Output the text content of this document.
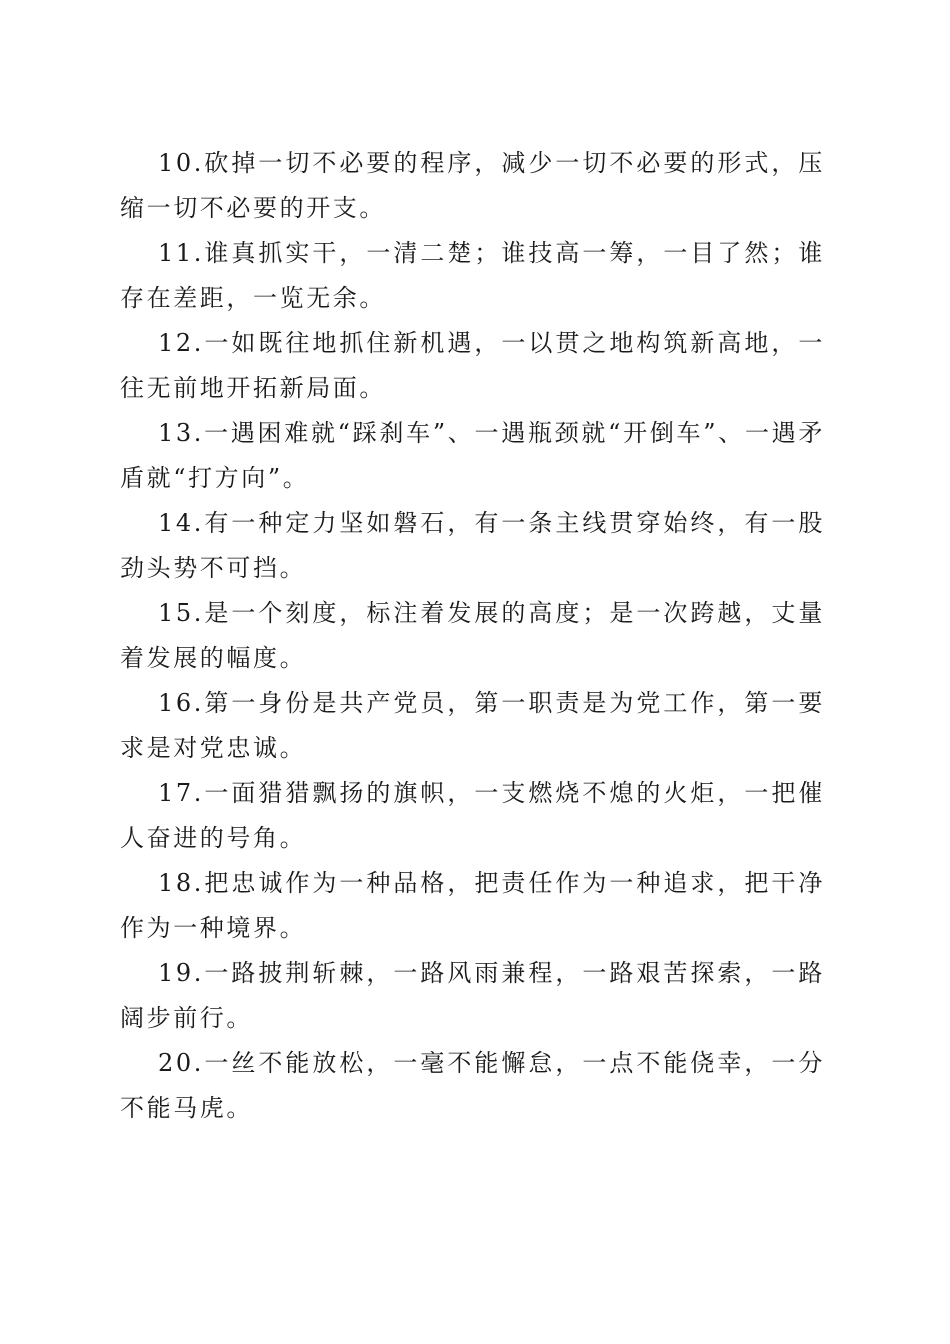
10.砍掉一切不必要的程序，减少一切不必要的形式，压缩一切不必要的开支。

11.谁真抓实干，一清二楚；谁技高一筹，一目了然；谁存在差距，一览无余。

12.一如既往地抓住新机遇，一以贯之地构筑新高地，一往无前地开拓新局面。

13.一遇困难就“踩刹车”、一遇瓶颈就“开倒车”、一遇矛盾就“打方向”。

14.有一种定力坚如磐石，有一条主线贯穿始终，有一股劲头势不可挡。

15.是一个刻度，标注着发展的高度；是一次跨越，丈量着发展的幅度。

16.第一身份是共产党员，第一职责是为党工作，第一要求是对党忠诚。

17.一面猎猎飘扬的旗帜，一支燃烧不熄的火炬，一把催人奋进的号角。

18.把忠诚作为一种品格，把责任作为一种追求，把干净作为一种境界。

19.一路披荆斩棘，一路风雨兼程，一路艰苦探索，一路阔步前行。

20.一丝不能放松，一毫不能懈怠，一点不能侥幸，一分不能马虎。
